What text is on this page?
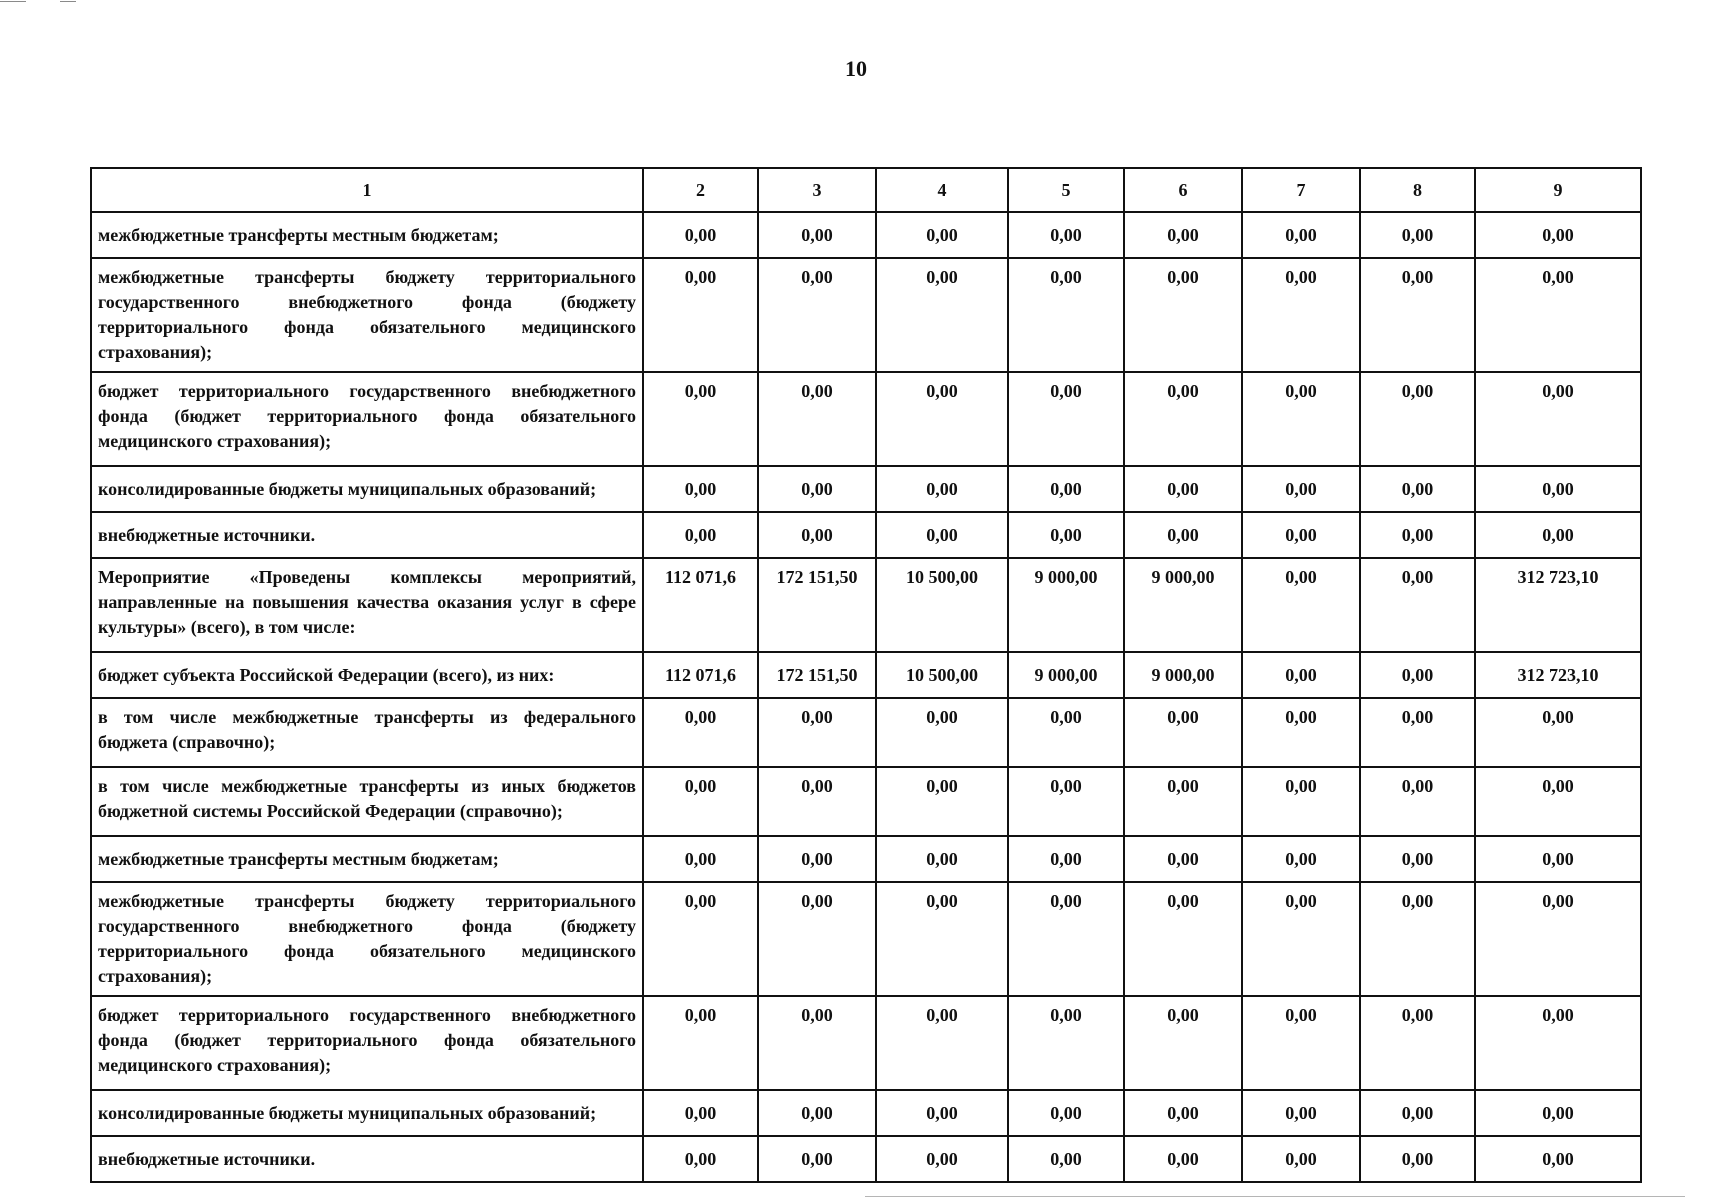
10
1	2	3	4	5	6	7	8	9
межбюджетные трансферты местным бюджетам;	0,00	0,00	0,00	0,00	0,00	0,00	0,00	0,00
межбюджетные трансферты бюджету территориального государственного внебюджетного фонда (бюджету территориального фонда обязательного медицинского страхования);	0,00	0,00	0,00	0,00	0,00	0,00	0,00	0,00
бюджет территориального государственного внебюджетного фонда (бюджет территориального фонда обязательного медицинского страхования);	0,00	0,00	0,00	0,00	0,00	0,00	0,00	0,00
консолидированные бюджеты муниципальных образований;	0,00	0,00	0,00	0,00	0,00	0,00	0,00	0,00
внебюджетные источники.	0,00	0,00	0,00	0,00	0,00	0,00	0,00	0,00
Мероприятие «Проведены комплексы мероприятий, направленные на повышения качества оказания услуг в сфере культуры» (всего), в том числе:	112 071,6	172 151,50	10 500,00	9 000,00	9 000,00	0,00	0,00	312 723,10
бюджет субъекта Российской Федерации (всего), из них:	112 071,6	172 151,50	10 500,00	9 000,00	9 000,00	0,00	0,00	312 723,10
в том числе межбюджетные трансферты из федерального бюджета (справочно);	0,00	0,00	0,00	0,00	0,00	0,00	0,00	0,00
в том числе межбюджетные трансферты из иных бюджетов бюджетной системы Российской Федерации (справочно);	0,00	0,00	0,00	0,00	0,00	0,00	0,00	0,00
межбюджетные трансферты местным бюджетам;	0,00	0,00	0,00	0,00	0,00	0,00	0,00	0,00
межбюджетные трансферты бюджету территориального государственного внебюджетного фонда (бюджету территориального фонда обязательного медицинского страхования);	0,00	0,00	0,00	0,00	0,00	0,00	0,00	0,00
бюджет территориального государственного внебюджетного фонда (бюджет территориального фонда обязательного медицинского страхования);	0,00	0,00	0,00	0,00	0,00	0,00	0,00	0,00
консолидированные бюджеты муниципальных образований;	0,00	0,00	0,00	0,00	0,00	0,00	0,00	0,00
внебюджетные источники.	0,00	0,00	0,00	0,00	0,00	0,00	0,00	0,00
